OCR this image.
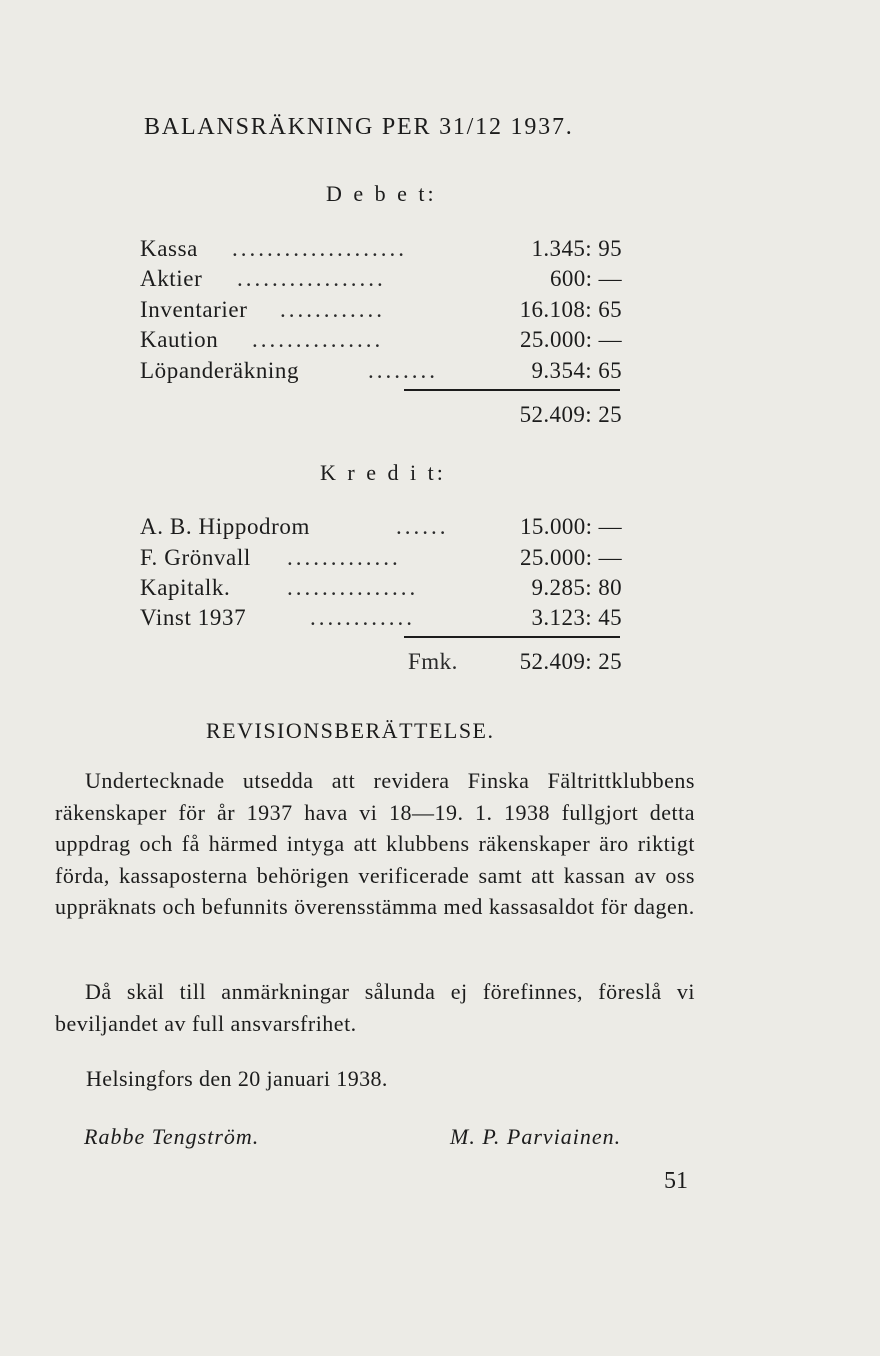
BALANSRÄKNING PER 31/12 1937.
D e b e t:
Kassa ....................	1.345: 95
Aktier .................	600: —
Inventarier ............	16.108: 65
Kaution ...............	25.000: —
Löpanderäkning	........	9.354: 65
52.409: 25
K r e d i t:
A. B. Hippodrom	......	15.000: —
F. Grönvall .............	25.000: —
Kapitalk. ...............	9.285: 80
Vinst 1937	............	3.123: 45
Fmk.	52.409: 25
REVISIONSBERÄTTELSE.
Undertecknade utsedda att revidera Finska Fältrittklubbens räkenskaper för år 1937 hava vi 18—19. 1. 1938 fullgjort detta uppdrag och få härmed intyga att klubbens räkenskaper äro riktigt förda, kassaposterna behörigen verificerade samt att kassan av oss uppräknats och befunnits överensstämma med kassasaldot för dagen.
Då skäl till anmärkningar sålunda ej förefinnes, föreslå vi beviljandet av full ansvarsfrihet.
Helsingfors den 20 januari 1938.
Rabbe Tengström.	M. P. Parviainen.
51
